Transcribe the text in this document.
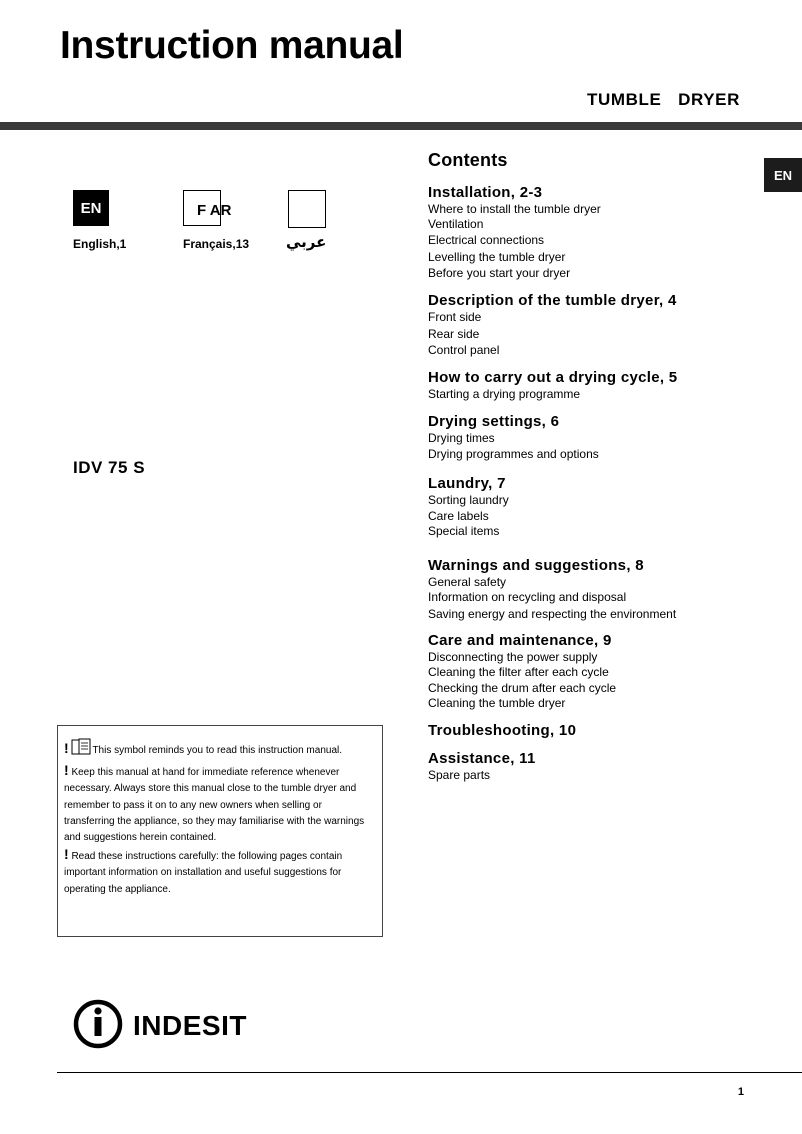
Instruction manual
TUMBLE  DRYER
EN
EN	F AR
English,1	Français,13 عربي
IDV 75 S
Contents
Installation, 2-3
Where to install the tumble dryer
Ventilation
Electrical connections
Levelling the tumble dryer
Before you start your dryer
Description of the tumble dryer, 4
Front side
Rear side
Control panel
How to carry out a drying cycle, 5
Starting a drying programme
Drying settings, 6
Drying times
Drying programmes and options
Laundry, 7
Sorting laundry
Care labels
Special items
Warnings and suggestions, 8
General safety
Information on recycling and disposal
Saving energy and respecting the environment
Care and maintenance, 9
Disconnecting the power supply
Cleaning the filter after each cycle
Checking the drum after each cycle
Cleaning the tumble dryer
Troubleshooting, 10
Assistance, 11
Spare parts
! This symbol reminds you to read this instruction manual.
! Keep this manual at hand for immediate reference whenever necessary. Always store this manual close to the tumble dryer and remember to pass it on to any new owners when selling or transferring the appliance, so they may familiarise with the warnings and suggestions herein contained.
! Read these instructions carefully: the following pages contain important information on installation and useful suggestions for operating the appliance.
INDESIT
1
